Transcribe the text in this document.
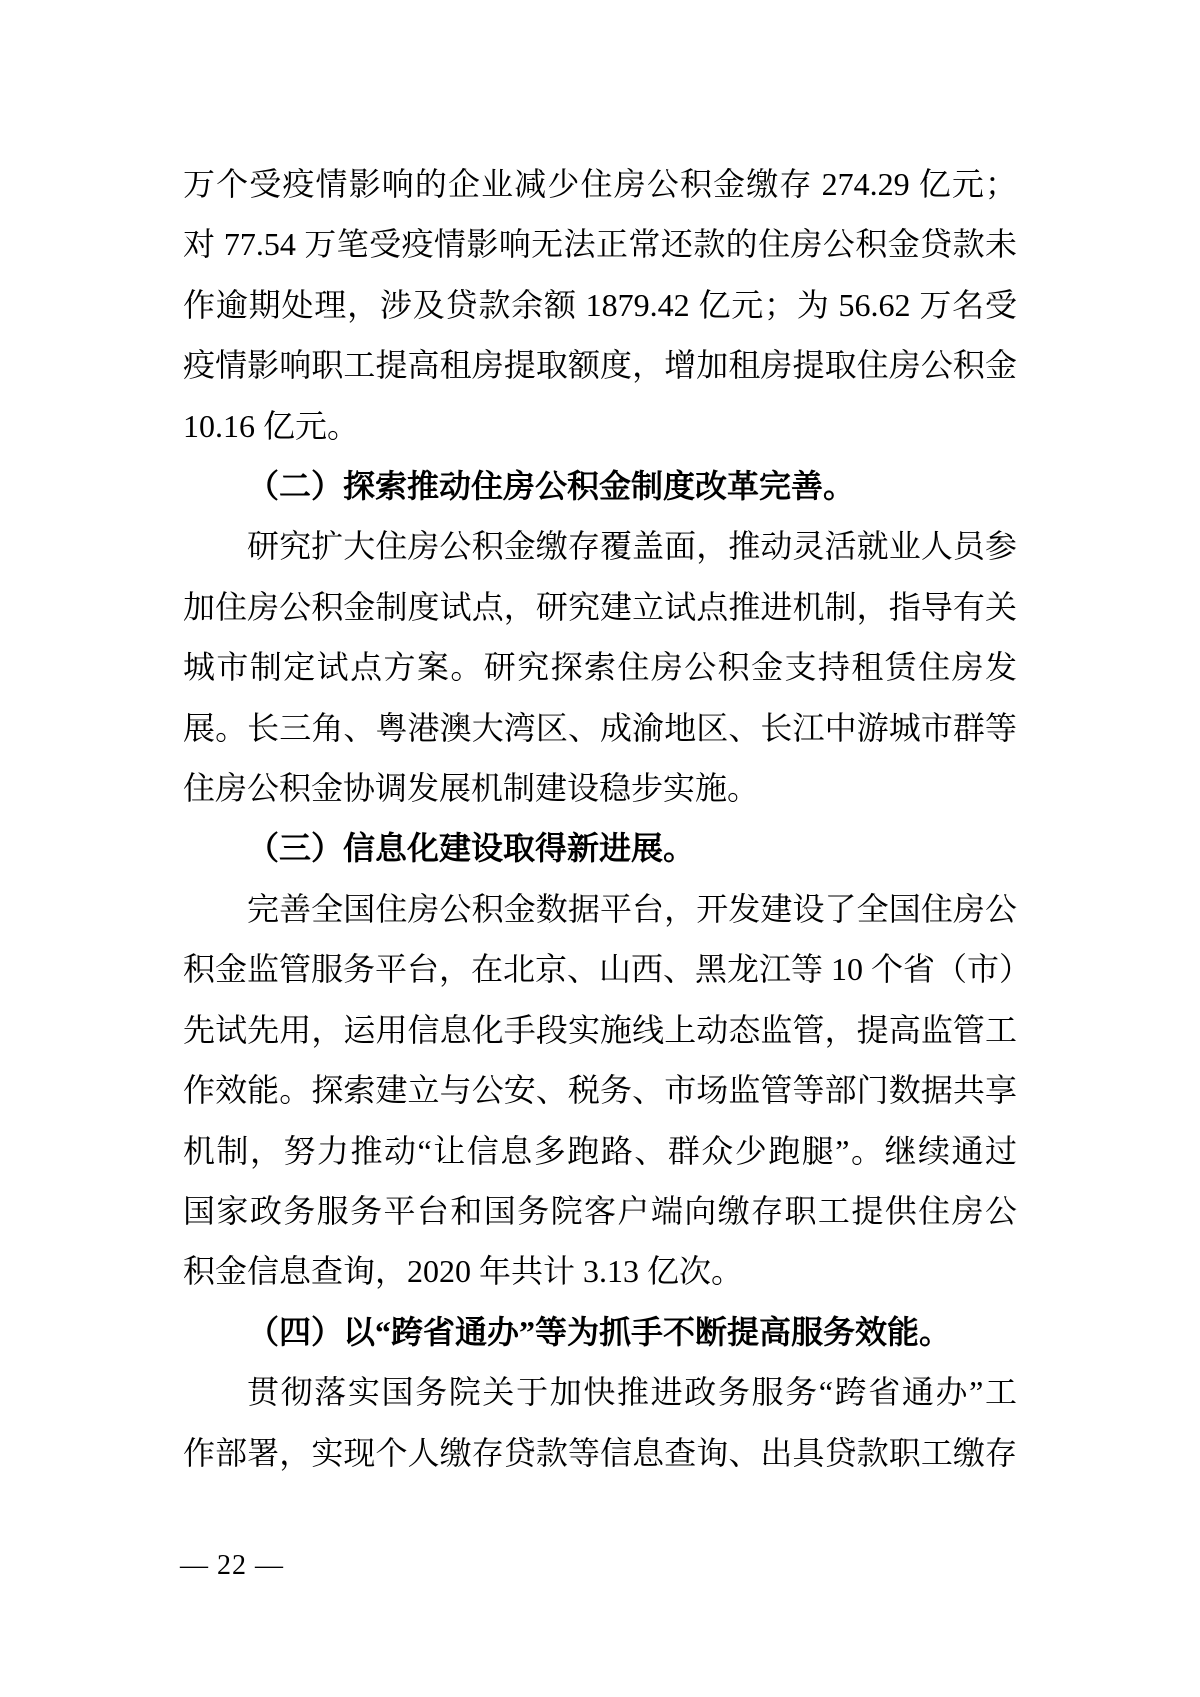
万个受疫情影响的企业减少住房公积金缴存 274.29 亿元；
对 77.54 万笔受疫情影响无法正常还款的住房公积金贷款未
作逾期处理，涉及贷款余额 1879.42 亿元；为 56.62 万名受
疫情影响职工提高租房提取额度，增加租房提取住房公积金
10.16 亿元。
（二）探索推动住房公积金制度改革完善。
研究扩大住房公积金缴存覆盖面，推动灵活就业人员参
加住房公积金制度试点，研究建立试点推进机制，指导有关
城市制定试点方案。研究探索住房公积金支持租赁住房发
展。长三角、粤港澳大湾区、成渝地区、长江中游城市群等
住房公积金协调发展机制建设稳步实施。
（三）信息化建设取得新进展。
完善全国住房公积金数据平台，开发建设了全国住房公
积金监管服务平台，在北京、山西、黑龙江等 10 个省（市）
先试先用，运用信息化手段实施线上动态监管，提高监管工
作效能。探索建立与公安、税务、市场监管等部门数据共享
机制，努力推动“让信息多跑路、群众少跑腿”。继续通过
国家政务服务平台和国务院客户端向缴存职工提供住房公
积金信息查询，2020 年共计 3.13 亿次。
（四）以“跨省通办”等为抓手不断提高服务效能。
贯彻落实国务院关于加快推进政务服务“跨省通办”工
作部署，实现个人缴存贷款等信息查询、出具贷款职工缴存
— 22 —
